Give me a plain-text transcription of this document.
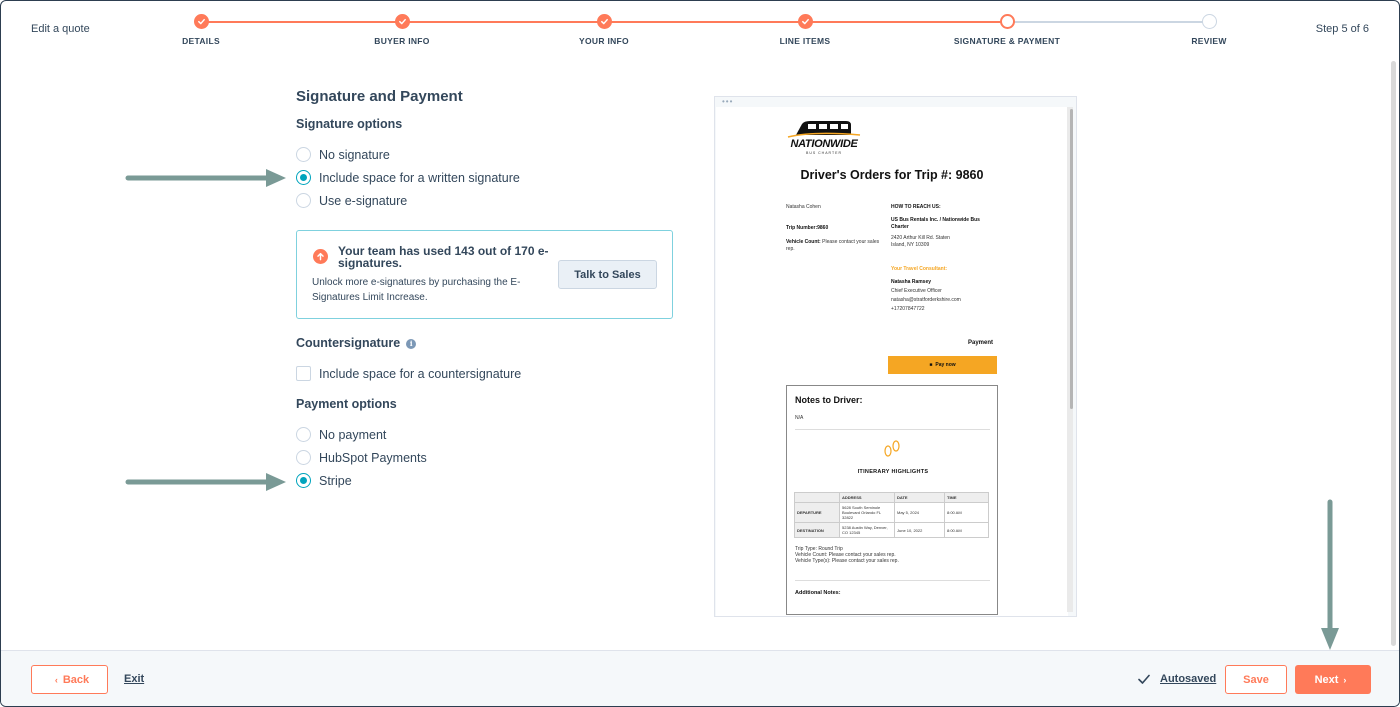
Edit a quote	Step 5 of 6
DETAILS	BUYER INFO	YOUR INFO	LINE ITEMS	SIGNATURE & PAYMENT	REVIEW
Signature and Payment
Signature options
No signature
Include space for a written signature
Use e-signature
Your team has used 143 out of 170 e-signatures.
Unlock more e-signatures by purchasing the E-Signatures Limit Increase.
Talk to Sales
Countersignature i
Include space for a countersignature
Payment options
No payment
HubSpot Payments
Stripe
•••
NATIONWIDE
BUS CHARTER
Driver's Orders for Trip #: 9860
Natasha Cohen
Trip Number:9860
Vehicle Count: Please contact your sales rep.
HOW TO REACH US:
US Bus Rentals Inc. / Nationwide Bus Charter
2420 Arthur Kill Rd. Staten Island, NY 10309
Your Travel Consultant:
Natasha Ramsey
Chief Executive Officer
natasha@stratforderkshire.com
+17207847722
Payment
■ Pay now
Notes to Driver:
N/A
ITINERARY HIGHLIGHTS
	ADDRESS	DATE	TIME
DEPARTURE	5628 South Seminole Boulevard Orlando FL 32822	May 5, 2024	8:00 AM
DESTINATION	5238 Austin Way, Denver, CO 12345	June 10, 2022	8:00 AM
Trip Type: Round Trip
Vehicle Count: Please contact your sales rep.
Vehicle Type(s): Please contact your sales rep.
Additional Notes:
‹ Back	Exit	Autosaved	Save	Next ›
